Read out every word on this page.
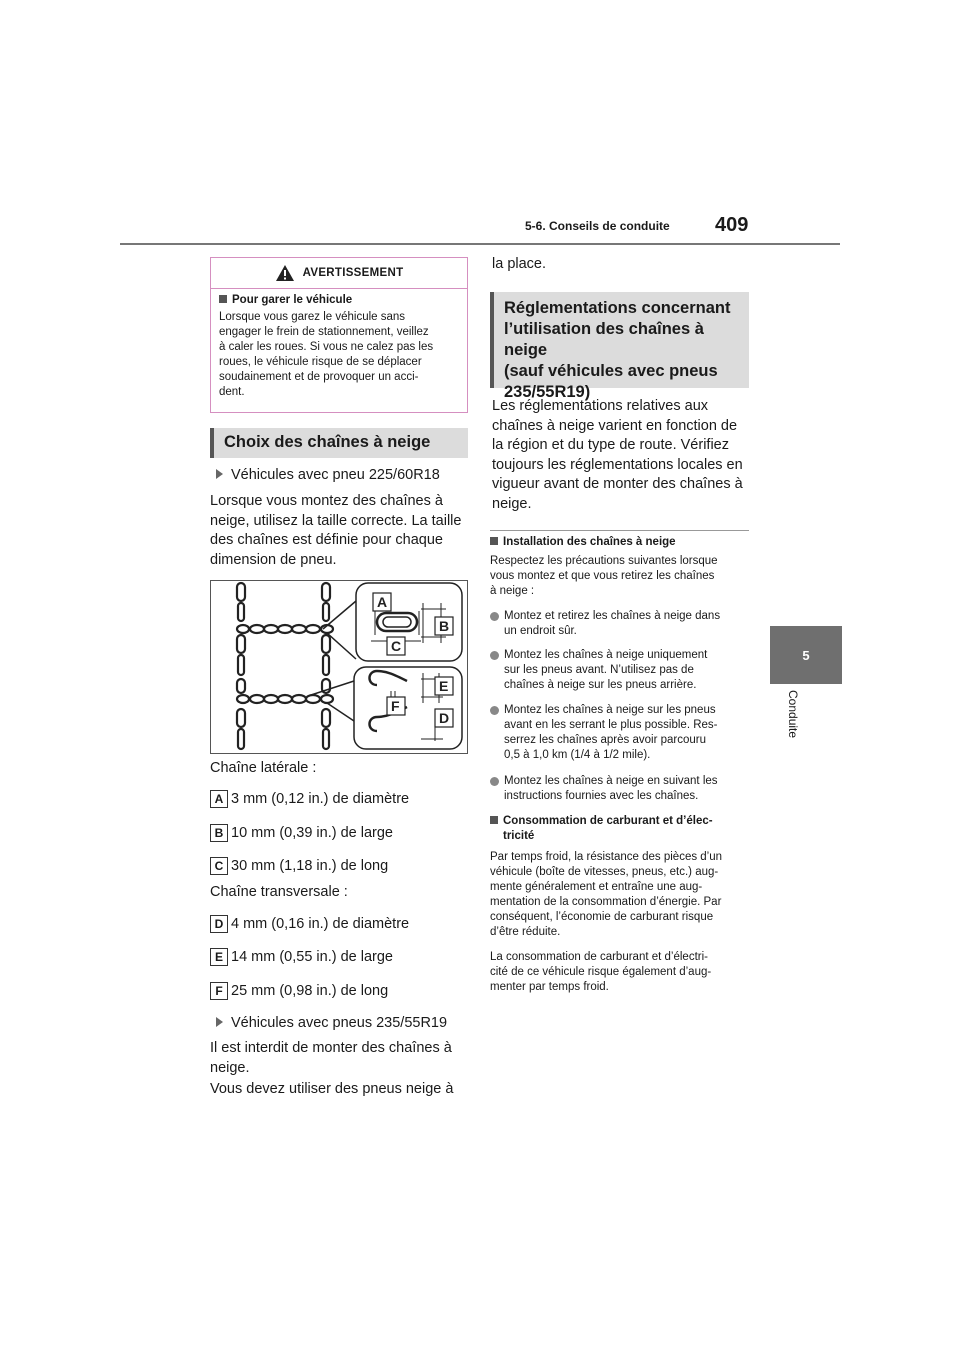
5-6. Conseils de conduite 409
5
Conduite
AVERTISSEMENT
Pour garer le véhicule
Lorsque vous garez le véhicule sans
engager le frein de stationnement, veillez
à caler les roues. Si vous ne calez pas les
roues, le véhicule risque de se déplacer
soudainement et de provoquer un acci-
dent.
Choix des chaînes à neige
Véhicules avec pneu 225/60R18
Lorsque vous montez des chaînes à
neige, utilisez la taille correcte. La taille
des chaînes est définie pour chaque
dimension de pneu.
A
B
C
E
F
D
Chaîne latérale :
A 3 mm (0,12 in.) de diamètre
B 10 mm (0,39 in.) de large
C 30 mm (1,18 in.) de long
Chaîne transversale :
D 4 mm (0,16 in.) de diamètre
E 14 mm (0,55 in.) de large
F 25 mm (0,98 in.) de long
Véhicules avec pneus 235/55R19
Il est interdit de monter des chaînes à
neige.
Vous devez utiliser des pneus neige à
la place.
Réglementations concernant
l’utilisation des chaînes à neige
(sauf véhicules avec pneus
235/55R19)
Les réglementations relatives aux
chaînes à neige varient en fonction de
la région et du type de route. Vérifiez
toujours les réglementations locales en
vigueur avant de monter des chaînes à
neige.
Installation des chaînes à neige
Respectez les précautions suivantes lorsque
vous montez et que vous retirez les chaînes
à neige :
Montez et retirez les chaînes à neige dans
un endroit sûr.
Montez les chaînes à neige uniquement
sur les pneus avant. N’utilisez pas de
chaînes à neige sur les pneus arrière.
Montez les chaînes à neige sur les pneus
avant en les serrant le plus possible. Res-
serrez les chaînes après avoir parcouru
0,5 à 1,0 km (1/4 à 1/2 mile).
Montez les chaînes à neige en suivant les
instructions fournies avec les chaînes.
Consommation de carburant et d’élec-
tricité
Par temps froid, la résistance des pièces d’un
véhicule (boîte de vitesses, pneus, etc.) aug-
mente généralement et entraîne une aug-
mentation de la consommation d’énergie. Par
conséquent, l’économie de carburant risque
d’être réduite.
La consommation de carburant et d’électri-
cité de ce véhicule risque également d’aug-
menter par temps froid.
